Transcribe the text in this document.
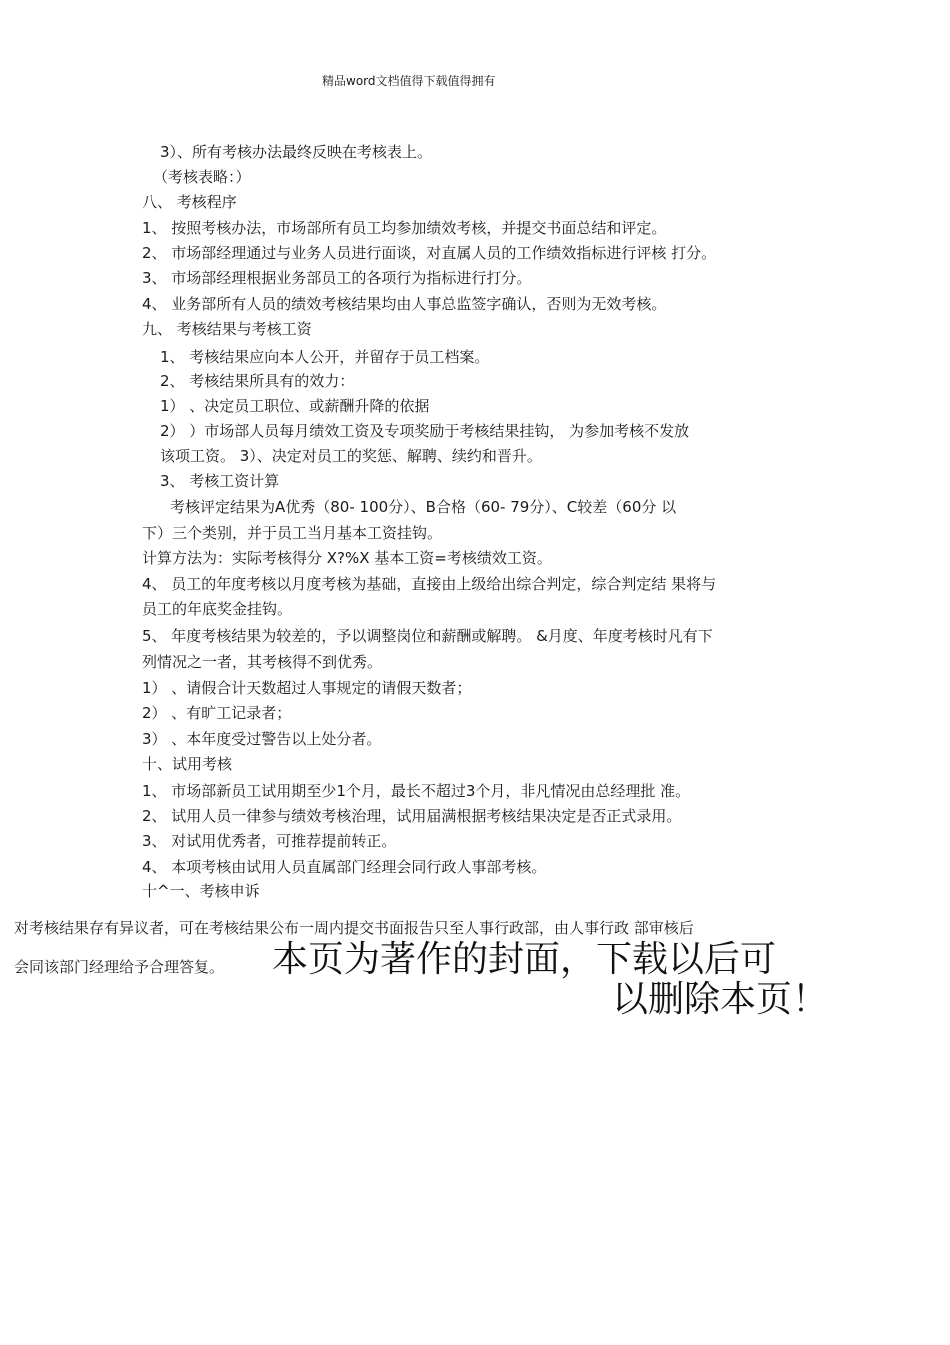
精品word文档值得下载值得拥有
3）、所有考核办法最终反映在考核表上。
（考核表略：）
八、 考核程序
1、 按照考核办法，市场部所有员工均参加绩效考核，并提交书面总结和评定。
2、 市场部经理通过与业务人员进行面谈，对直属人员的工作绩效指标进行评核 打分。
3、 市场部经理根据业务部员工的各项行为指标进行打分。
4、 业务部所有人员的绩效考核结果均由人事总监签字确认，否则为无效考核。
九、 考核结果与考核工资
1、 考核结果应向本人公开，并留存于员工档案。
2、 考核结果所具有的效力：
1） 、决定员工职位、或薪酬升降的依据
2） ）市场部人员每月绩效工资及专项奖励于考核结果挂钩， 为参加考核不发放
该项工资。 3）、决定对员工的奖惩、解聘、续约和晋升。
3、 考核工资计算
考核评定结果为A优秀（80- 100分）、B合格（60- 79分）、C较差（60分 以
下）三个类别，并于员工当月基本工资挂钩。
计算方法为：实际考核得分 X?%X 基本工资=考核绩效工资。
4、 员工的年度考核以月度考核为基础，直接由上级给出综合判定，综合判定结 果将与
员工的年底奖金挂钩。
5、 年度考核结果为较差的，予以调整岗位和薪酬或解聘。 &月度、年度考核时凡有下
列情况之一者，其考核得不到优秀。
1） 、请假合计天数超过人事规定的请假天数者；
2） 、有旷工记录者；
3） 、本年度受过警告以上处分者。
十、试用考核
1、 市场部新员工试用期至少1个月，最长不超过3个月，非凡情况由总经理批 准。
2、 试用人员一律参与绩效考核治理，试用届满根据考核结果决定是否正式录用。
3、 对试用优秀者，可推荐提前转正。
4、 本项考核由试用人员直属部门经理会同行政人事部考核。
十^一、考核申诉
对考核结果存有异议者，可在考核结果公布一周内提交书面报告只至人事行政部，由人事行政 部审核后
会同该部门经理给予合理答复。 本页为著作的封面，下载以后可
以删除本页！
